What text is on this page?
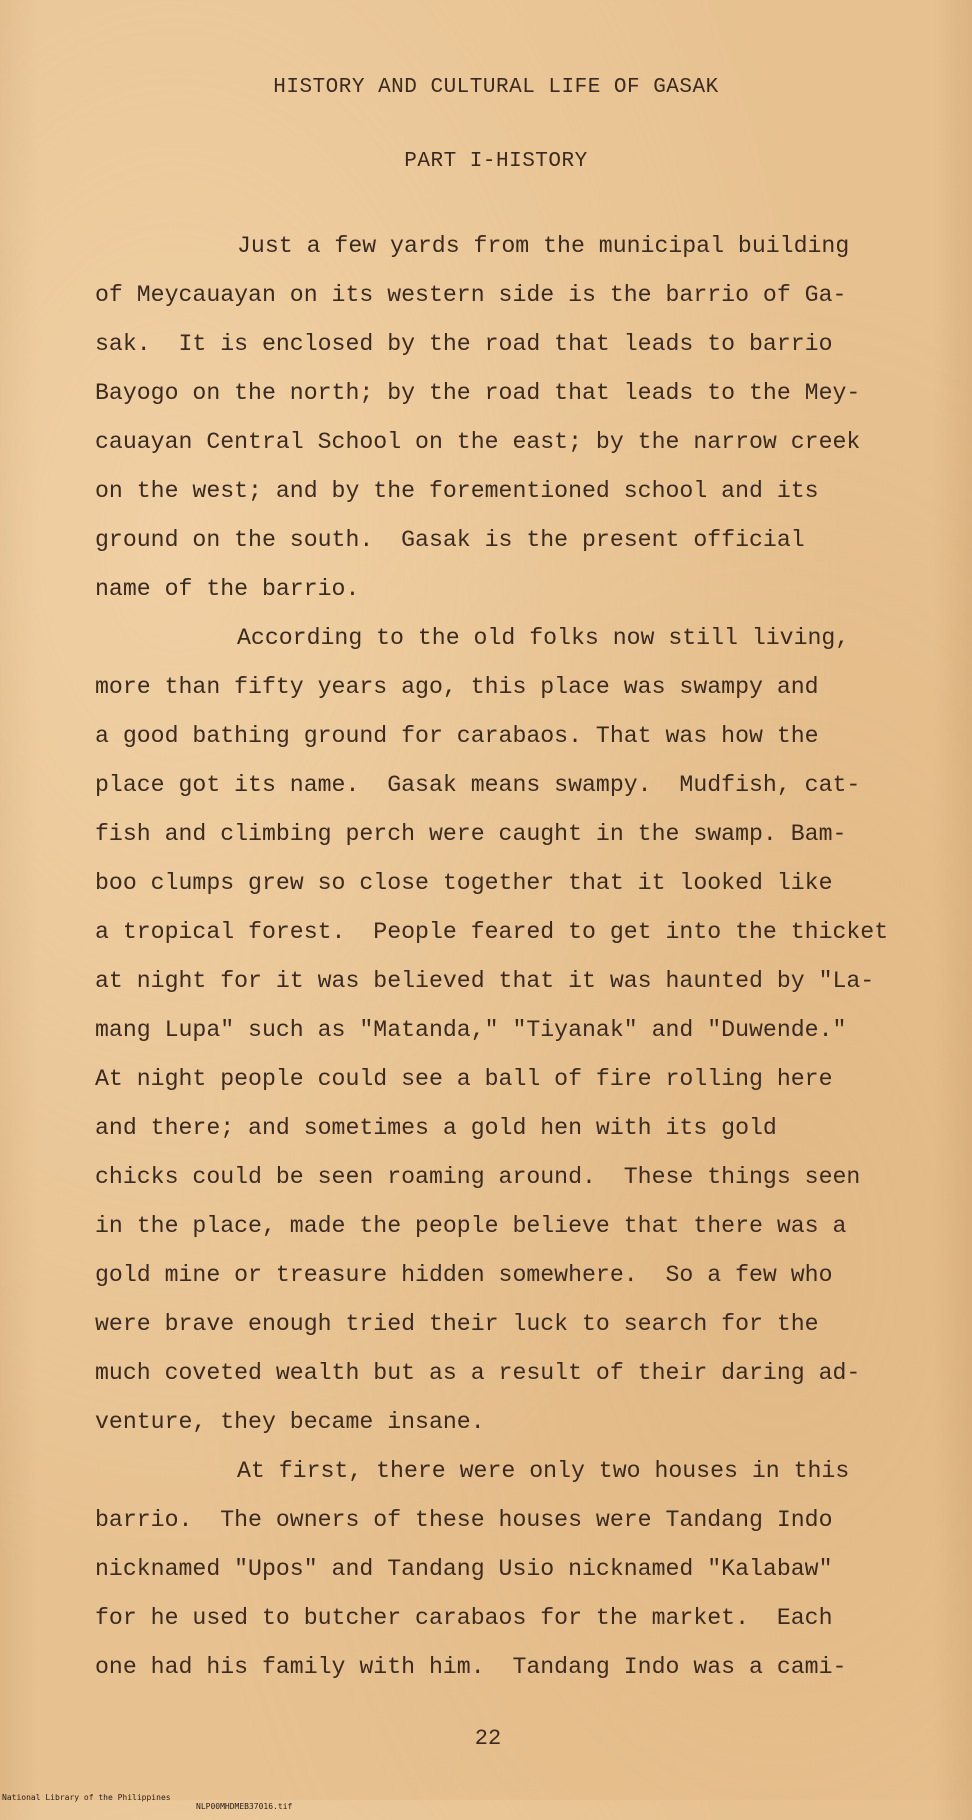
HISTORY AND CULTURAL LIFE OF GASAK
PART I-HISTORY
Just a few yards from the municipal building
of Meycauayan on its western side is the barrio of Ga-
sak.  It is enclosed by the road that leads to barrio
Bayogo on the north; by the road that leads to the Mey-
cauayan Central School on the east; by the narrow creek
on the west; and by the forementioned school and its
ground on the south.  Gasak is the present official
name of the barrio.
According to the old folks now still living,
more than fifty years ago, this place was swampy and
a good bathing ground for carabaos. That was how the
place got its name.  Gasak means swampy.  Mudfish, cat-
fish and climbing perch were caught in the swamp. Bam-
boo clumps grew so close together that it looked like
a tropical forest.  People feared to get into the thicket
at night for it was believed that it was haunted by "La-
mang Lupa" such as "Matanda," "Tiyanak" and "Duwende."
At night people could see a ball of fire rolling here
and there; and sometimes a gold hen with its gold
chicks could be seen roaming around.  These things seen
in the place, made the people believe that there was a
gold mine or treasure hidden somewhere.  So a few who
were brave enough tried their luck to search for the
much coveted wealth but as a result of their daring ad-
venture, they became insane.
At first, there were only two houses in this
barrio.  The owners of these houses were Tandang Indo
nicknamed "Upos" and Tandang Usio nicknamed "Kalabaw"
for he used to butcher carabaos for the market.  Each
one had his family with him.  Tandang Indo was a cami-
22

National Library of the Philippines

NLP00MHDMEB37016.tif
